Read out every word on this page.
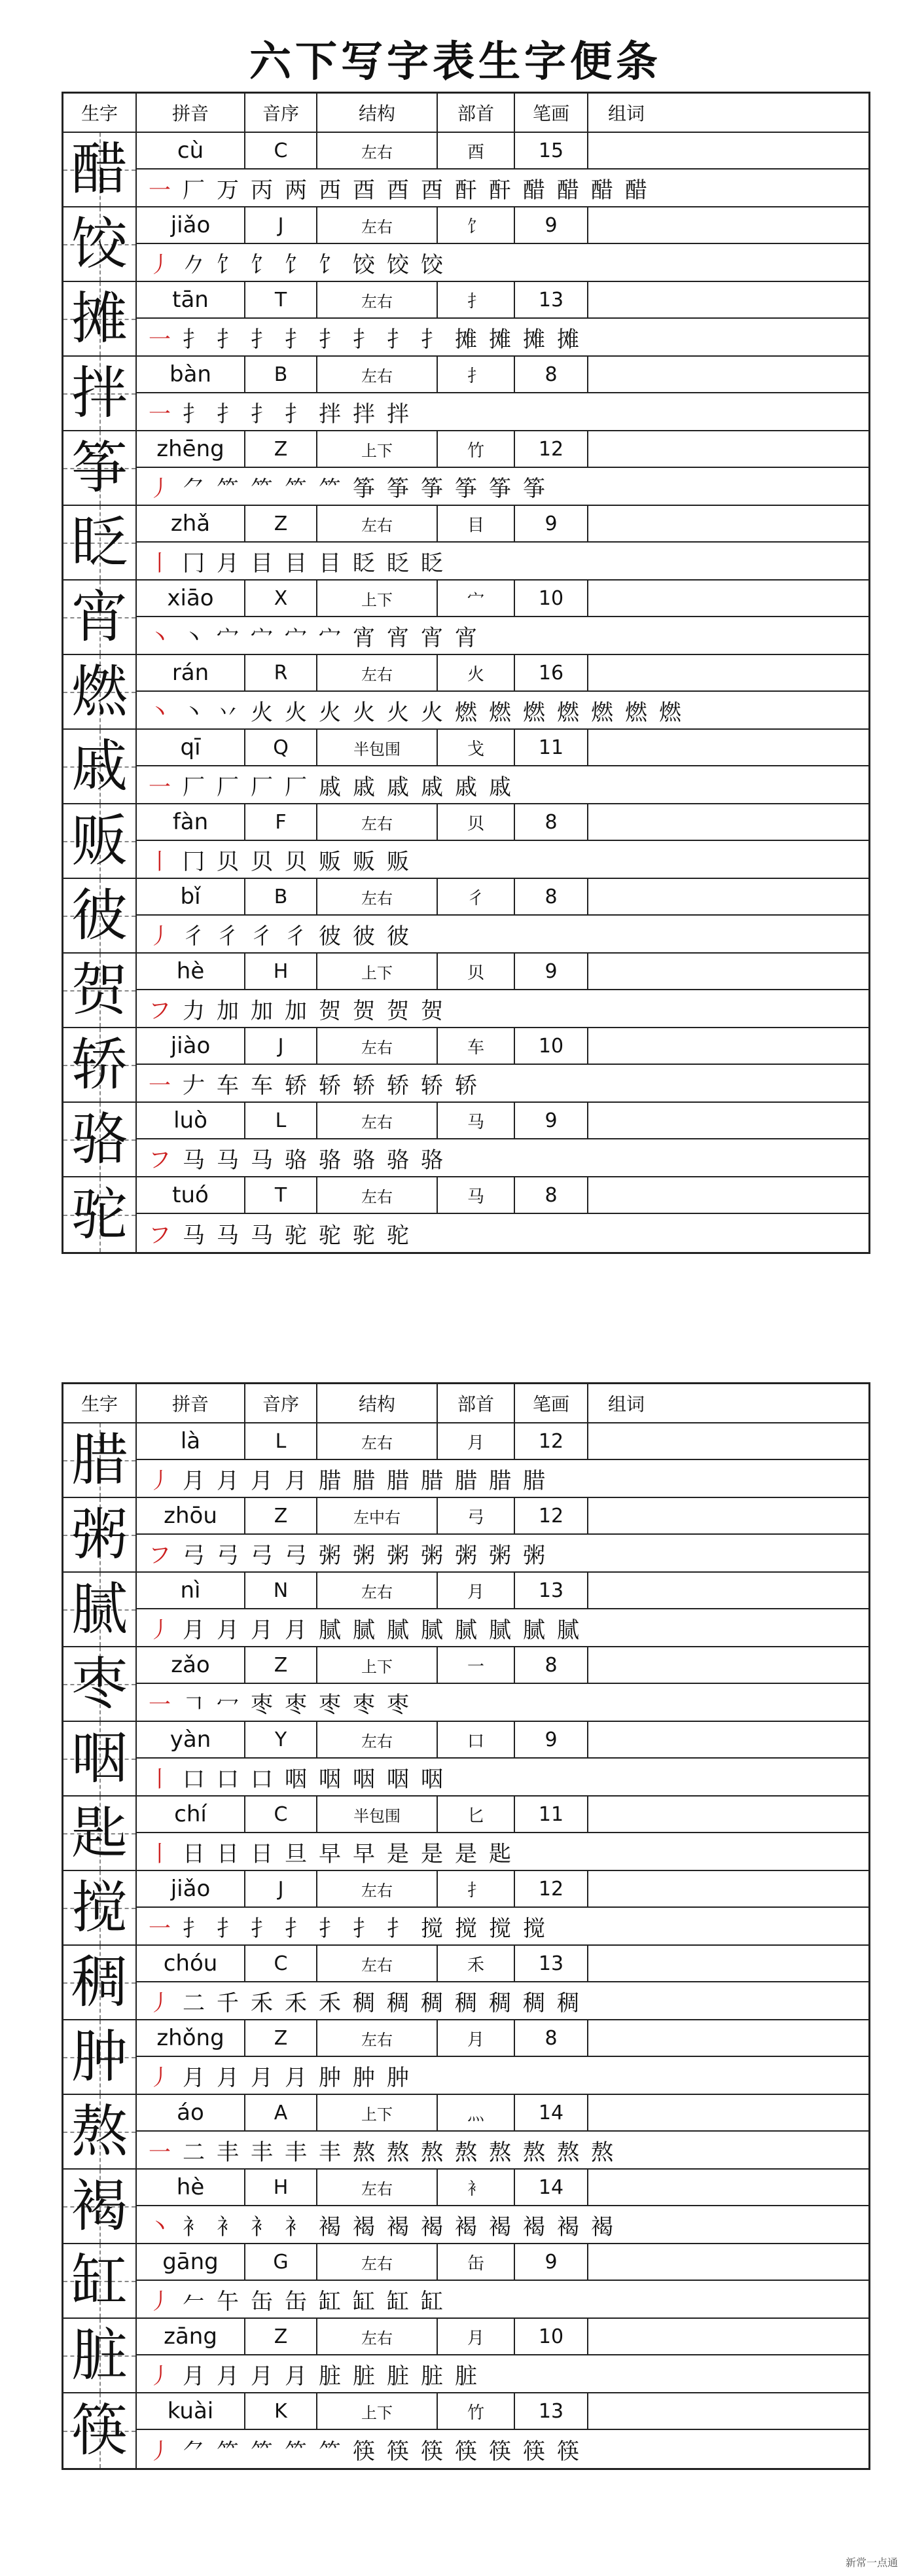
六下写字表生字便条
生字	拼音	音序	结构	部首	笔画	组词
醋	cù	C	左右	酉	15
一 厂 万 丙 两 西 酉 酉 酉 酐 酐 醋 醋 醋 醋
饺	jiǎo	J	左右	饣	9
丿 𠂊 饣 饣 饣 饣 饺 饺 饺
摊	tān	T	左右	扌	13
一 扌 扌 扌 扌 扌 扌 扌 扌 摊 摊 摊 摊
拌	bàn	B	左右	扌	8
一 扌 扌 扌 扌 拌 拌 拌
筝	zhēng	Z	上下	竹	12
丿 ⺈ ⺮ ⺮ ⺮ ⺮ 筝 筝 筝 筝 筝 筝
眨	zhǎ	Z	左右	目	9
丨 冂 月 目 目 目 眨 眨 眨
宵	xiāo	X	上下	宀	10
丶 丶 宀 宀 宀 宀 宵 宵 宵 宵
燃	rán	R	左右	火	16
丶 丶 丷 火 火 火 火 火 火 燃 燃 燃 燃 燃 燃 燃
戚	qī	Q	半包围	戈	11
一 厂 厂 厂 厂 戚 戚 戚 戚 戚 戚
贩	fàn	F	左右	贝	8
丨 冂 贝 贝 贝 贩 贩 贩
彼	bǐ	B	左右	彳	8
丿 彳 彳 彳 彳 彼 彼 彼
贺	hè	H	上下	贝	9
フ 力 加 加 加 贺 贺 贺 贺
轿	jiào	J	左右	车	10
一 𠂇 车 车 轿 轿 轿 轿 轿 轿
骆	luò	L	左右	马	9
フ 马 马 马 骆 骆 骆 骆 骆
驼	tuó	T	左右	马	8
フ 马 马 马 驼 驼 驼 驼
生字	拼音	音序	结构	部首	笔画	组词
腊	là	L	左右	月	12
丿 月 月 月 月 腊 腊 腊 腊 腊 腊 腊
粥	zhōu	Z	左中右	弓	12
フ 弓 弓 弓 弓 粥 粥 粥 粥 粥 粥 粥
腻	nì	N	左右	月	13
丿 月 月 月 月 腻 腻 腻 腻 腻 腻 腻 腻
枣	zǎo	Z	上下	一	8
一 𠃍 冖 枣 枣 枣 枣 枣
咽	yàn	Y	左右	口	9
丨 口 口 口 咽 咽 咽 咽 咽
匙	chí	C	半包围	匕	11
丨 日 日 日 旦 早 早 是 是 是 匙
搅	jiǎo	J	左右	扌	12
一 扌 扌 扌 扌 扌 扌 扌 搅 搅 搅 搅
稠	chóu	C	左右	禾	13
丿 二 千 禾 禾 禾 稠 稠 稠 稠 稠 稠 稠
肿	zhǒng	Z	左右	月	8
丿 月 月 月 月 肿 肿 肿
熬	áo	A	上下	灬	14
一 二 丰 丰 丰 丰 熬 熬 熬 熬 熬 熬 熬 熬
褐	hè	H	左右	衤	14
丶 衤 衤 衤 衤 褐 褐 褐 褐 褐 褐 褐 褐 褐
缸	gāng	G	左右	缶	9
丿 𠂉 午 缶 缶 缸 缸 缸 缸
脏	zāng	Z	左右	月	10
丿 月 月 月 月 脏 脏 脏 脏 脏
筷	kuài	K	上下	竹	13
丿 ⺈ ⺮ ⺮ ⺮ ⺮ 筷 筷 筷 筷 筷 筷 筷
新常一点通
